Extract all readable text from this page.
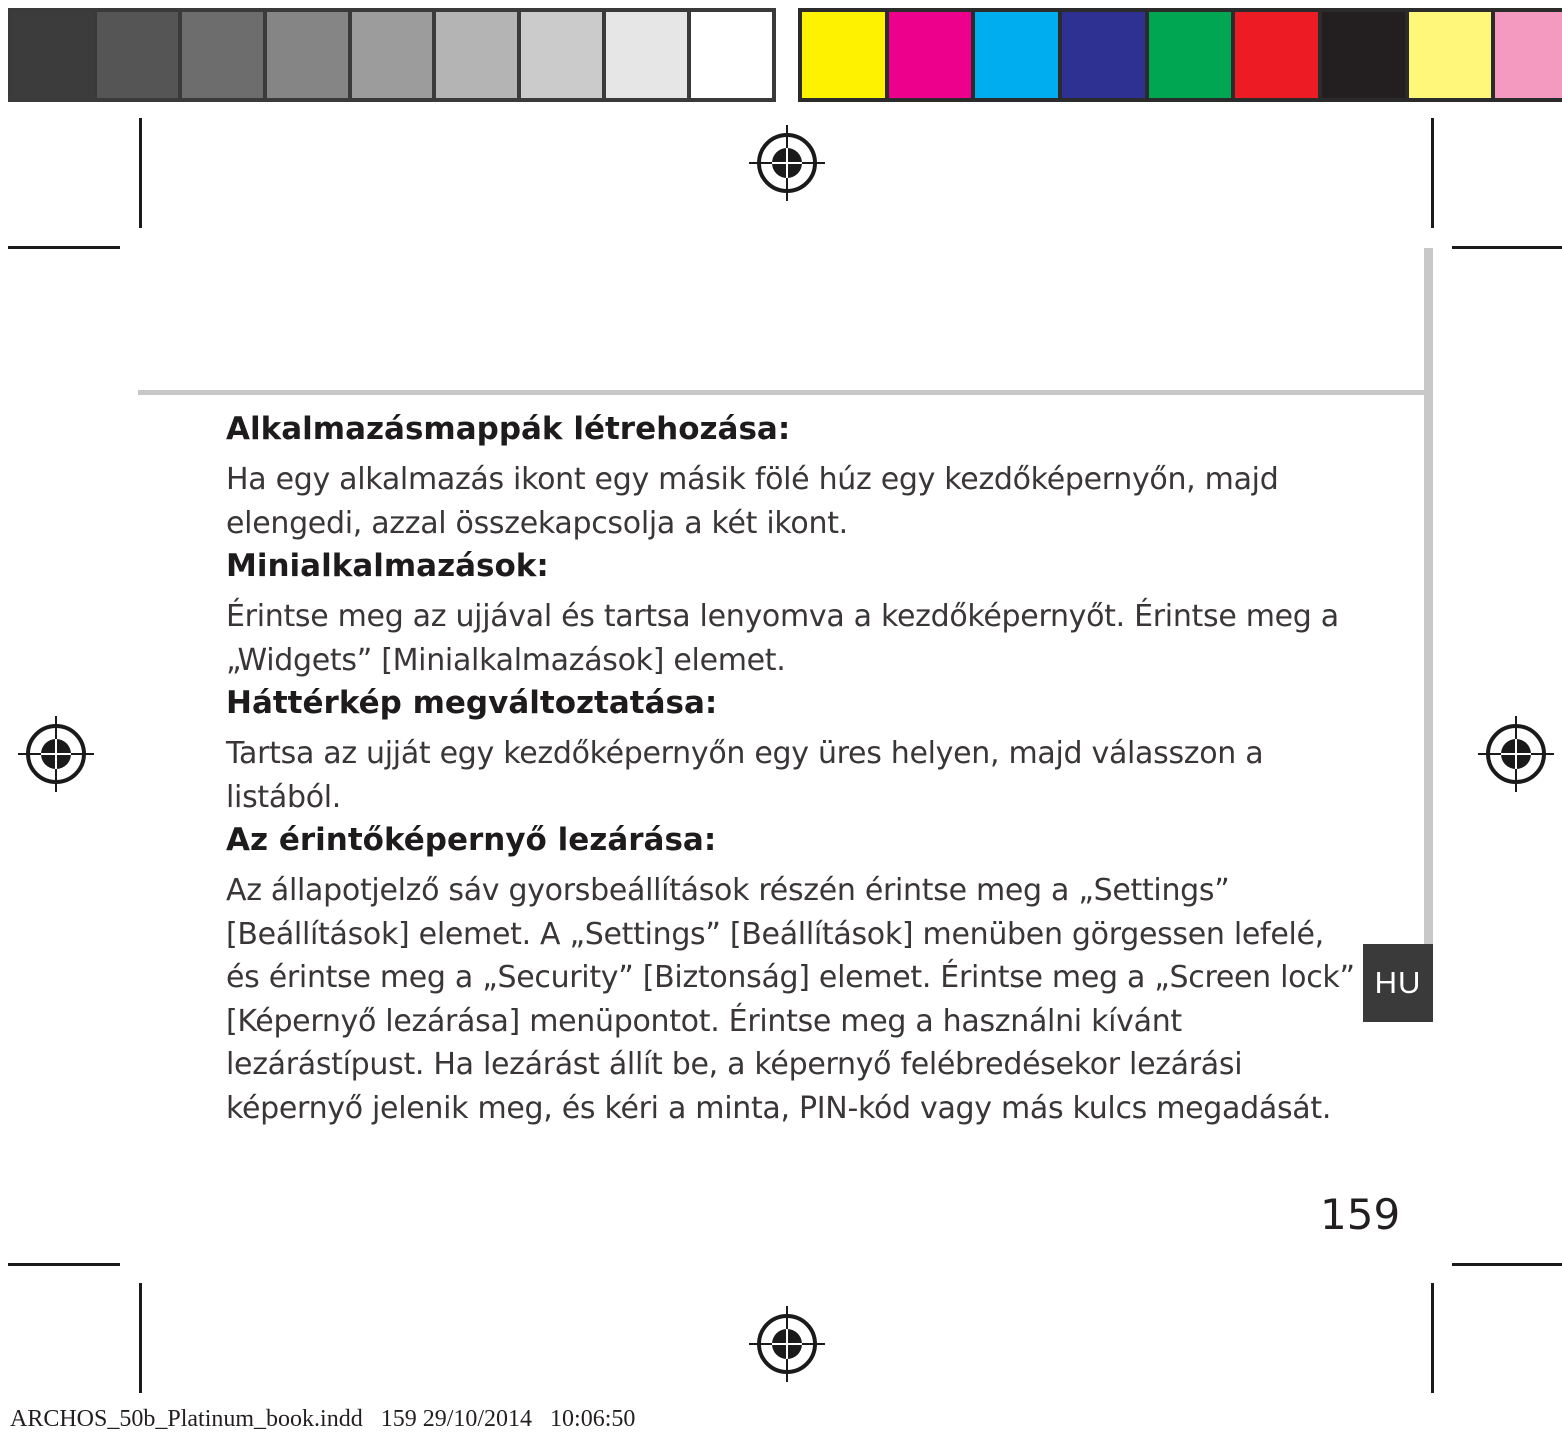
HU
Alkalmazásmappák létrehozása:

Ha egy alkalmazás ikont egy másik fölé húz egy kezdőképernyőn, majd elengedi, azzal összekapcsolja a két ikont.

Minialkalmazások:

Érintse meg az ujjával és tartsa lenyomva a kezdőképernyőt. Érintse meg a „Widgets” [Minialkalmazások] elemet.

Háttérkép megváltoztatása:

Tartsa az ujját egy kezdőképernyőn egy üres helyen, majd válasszon a listából.

Az érintőképernyő lezárása:

Az állapotjelző sáv gyorsbeállítások részén érintse meg a „Settings” [Beállítások] elemet. A „Settings” [Beállítások] menüben görgessen lefelé, és érintse meg a „Security” [Biztonság] elemet. Érintse meg a „Screen lock” [Képernyő lezárása] menüpontot. Érintse meg a használni kívánt lezárástípust. Ha lezárást állít be, a képernyő felébredésekor lezárási képernyő jelenik meg, és kéri a minta, PIN-kód vagy más kulcs megadását.

159
ARCHOS_50b_Platinum_book.indd   159 29/10/2014   10:06:50
